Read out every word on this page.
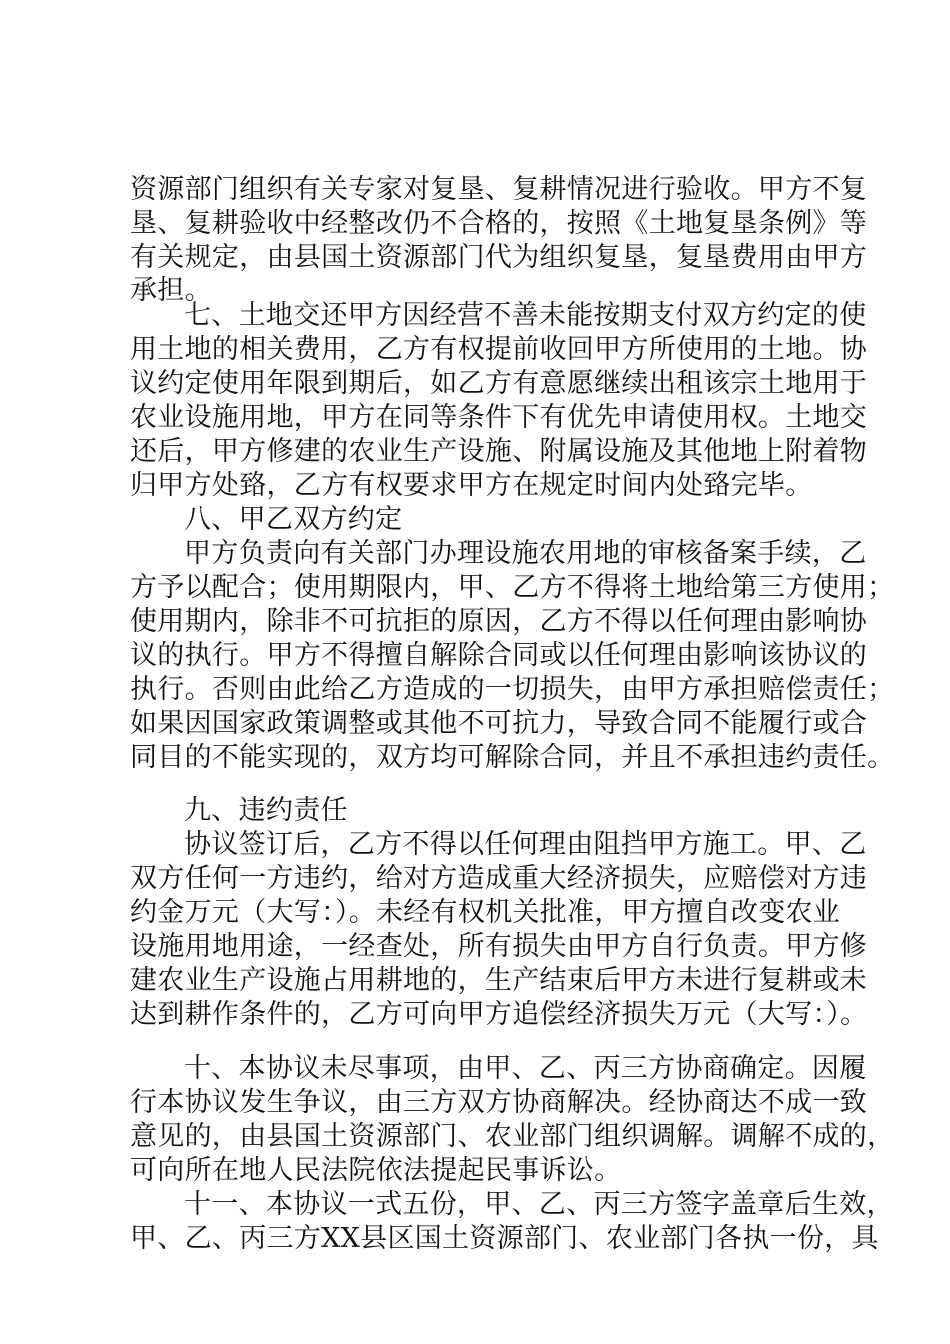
资源部门组织有关专家对复垦、复耕情况进行验收。甲方不复
垦、复耕验收中经整改仍不合格的，按照《土地复垦条例》等
有关规定，由县国土资源部门代为组织复垦，复垦费用由甲方
承担。
七、土地交还甲方因经营不善未能按期支付双方约定的使
用土地的相关费用，乙方有权提前收回甲方所使用的土地。协
议约定使用年限到期后，如乙方有意愿继续出租该宗土地用于
农业设施用地，甲方在同等条件下有优先申请使用权。土地交
还后，甲方修建的农业生产设施、附属设施及其他地上附着物
归甲方处臵，乙方有权要求甲方在规定时间内处臵完毕。
八、甲乙双方约定
甲方负责向有关部门办理设施农用地的审核备案手续，乙
方予以配合；使用期限内，甲、乙方不得将土地给第三方使用；
使用期内，除非不可抗拒的原因，乙方不得以任何理由影响协
议的执行。甲方不得擅自解除合同或以任何理由影响该协议的
执行。否则由此给乙方造成的一切损失，由甲方承担赔偿责任；
如果因国家政策调整或其他不可抗力，导致合同不能履行或合
同目的不能实现的，双方均可解除合同，并且不承担违约责任。
九、违约责任
协议签订后，乙方不得以任何理由阻挡甲方施工。甲、乙
双方任何一方违约，给对方造成重大经济损失，应赔偿对方违
约金万元（大写：）。未经有权机关批准，甲方擅自改变农业
设施用地用途，一经查处，所有损失由甲方自行负责。甲方修
建农业生产设施占用耕地的，生产结束后甲方未进行复耕或未
达到耕作条件的，乙方可向甲方追偿经济损失万元（大写：）。
十、本协议未尽事项，由甲、乙、丙三方协商确定。因履
行本协议发生争议，由三方双方协商解决。经协商达不成一致
意见的，由县国土资源部门、农业部门组织调解。调解不成的，
可向所在地人民法院依法提起民事诉讼。
十一、本协议一式五份，甲、乙、丙三方签字盖章后生效，
甲、乙、丙三方XX县区国土资源部门、农业部门各执一份，具
